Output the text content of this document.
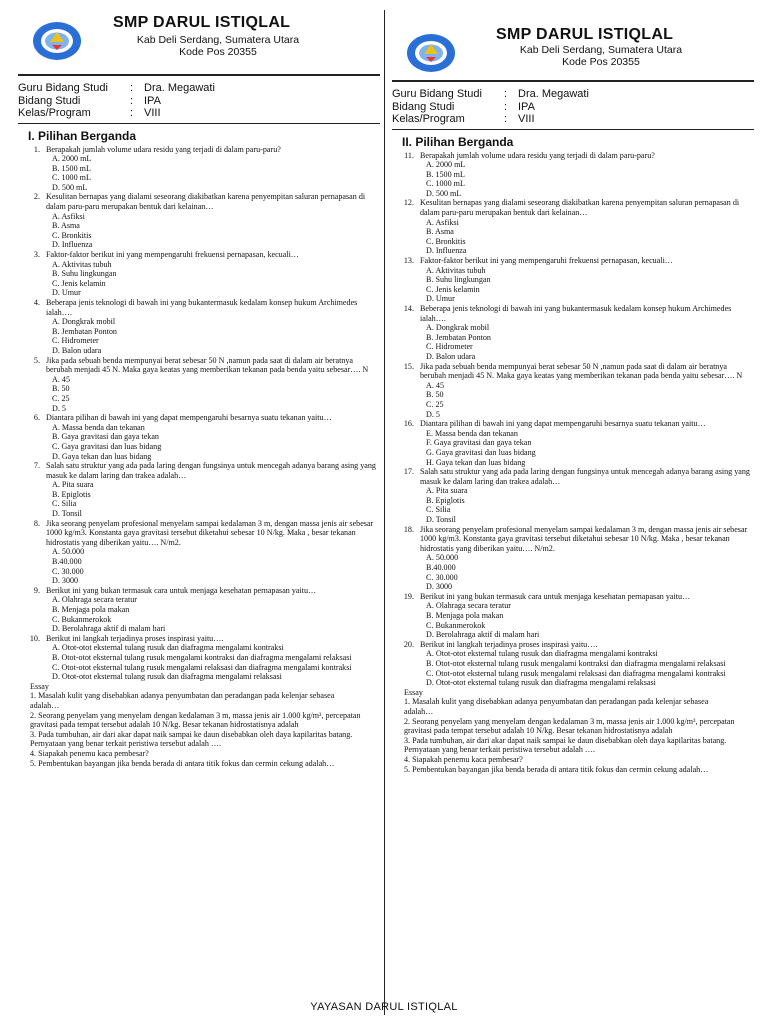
SMP DARUL ISTIQLAL
Kab Deli Serdang, Sumatera Utara
Kode Pos 20355
Guru Bidang Studi	: Dra. Megawati
Bidang Studi	: IPA
Kelas/Program	: VIII
I. Pilihan Berganda
1. Berapakah jumlah volume udara residu yang terjadi di dalam paru-paru?
A. 2000 mL
B. 1500 mL
C. 1000 mL
D. 500 mL
2. Kesulitan bernapas yang dialami seseorang diakibatkan karena penyempitan saluran pernapasan di dalam paru-paru merupakan bentuk dari kelainan…
A. Asfiksi
B. Asma
C. Bronkitis
D. Influenza
3. Faktor-faktor berikut ini yang mempengaruhi frekuensi pernapasan, kecuali…
A. Aktivitas tubuh
B. Suhu lingkungan
C. Jenis kelamin
D. Umur
4. Beberapa jenis teknologi di bawah ini yang bukantermasuk kedalam konsep hukum Archimedes ialah….
A. Dongkrak mobil
B. Jembatan Ponton
C. Hidrometer
D. Balon udara
5. Jika pada sebuah benda mempunyai berat sebesar 50 N ,namun pada saat di dalam air beratnya berubah menjadi 45 N. Maka gaya keatas yang memberikan tekanan pada benda yaitu sebesar…. N
A. 45
B. 50
C. 25
D. 5
6. Diantara pilihan di bawah ini yang dapat mempengaruhi besarnya suatu tekanan yaitu…
A. Massa benda dan tekanan
B. Gaya gravitasi dan gaya tekan
C. Gaya gravitasi dan luas bidang
D. Gaya tekan dan luas bidang
7. Salah satu struktur yang ada pada laring dengan fungsinya untuk mencegah adanya barang asing yang masuk ke dalam laring dan trakea adalah…
A. Pita suara
B. Epiglotis
C. Silia
D. Tonsil
8. Jika seorang penyelam profesional menyelam sampai kedalaman 3 m, dengan massa jenis air sebesar 1000 kg/m3. Konstanta gaya gravitasi tersebut diketahui sebesar 10 N/kg. Maka , besar tekanan hidrostatis yang diberikan yaitu…. N/m2.
A. 50.000
B.40.000
C. 30.000
D. 3000
9. Berikut ini yang bukan termasuk cara untuk menjaga kesehatan pernapasan yaitu…
A. Olahraga secara teratur
B. Menjaga pola makan
C. Bukanmerokok
D. Berolahraga aktif di malam hari
10. Berikut ini langkah terjadinya proses inspirasi yaitu….
A. Otot-otot eksternal tulang rusuk dan diafragma mengalami kontraksi
B. Otot-otot eksternal tulang rusuk mengalami kontraksi dan diafragma mengalami relaksasi
C. Otot-otot eksternal tulang rusuk mengalami relaksasi dan diafragma mengalami kontraksi
D. Otot-otot eksternal tulang rusuk dan diafragma mengalami relaksasi
Essay
1. Masalah kulit yang disebabkan adanya penyumbatan dan peradangan pada kelenjar sebasea adalah…
2. Seorang penyelam yang menyelam dengan kedalaman 3 m, massa jenis air 1.000 kg/m³, percepatan gravitasi pada tempat tersebut adalah 10 N/kg. Besar tekanan hidrostatisnya adalah
3. Pada tumbuhan, air dari akar dapat naik sampai ke daun disebabkan oleh daya kapilaritas batang. Pernyataan yang benar terkait peristiwa tersebut adalah ….
4. Siapakah penemu kaca pembesar?
5. Pembentukan bayangan jika benda berada di antara titik fokus dan cermin cekung adalah…
SMP DARUL ISTIQLAL
Kab Deli Serdang, Sumatera Utara
Kode Pos 20355
Guru Bidang Studi	: Dra. Megawati
Bidang Studi	: IPA
Kelas/Program	: VIII
II. Pilihan Berganda
11. Berapakah jumlah volume udara residu yang terjadi di dalam paru-paru?
A. 2000 mL
B. 1500 mL
C. 1000 mL
D. 500 mL
12. Kesulitan bernapas yang dialami seseorang diakibatkan karena penyempitan saluran pernapasan di dalam paru-paru merupakan bentuk dari kelainan…
A. Asfiksi
B. Asma
C. Bronkitis
D. Influenza
13. Faktor-faktor berikut ini yang mempengaruhi frekuensi pernapasan, kecuali…
A. Aktivitas tubuh
B. Suhu lingkungan
C. Jenis kelamin
D. Umur
14. Beberapa jenis teknologi di bawah ini yang bukantermasuk kedalam konsep hukum Archimedes ialah….
A. Dongkrak mobil
B. Jembatan Ponton
C. Hidrometer
D. Balon udara
15. Jika pada sebuah benda mempunyai berat sebesar 50 N ,namun pada saat di dalam air beratnya berubah menjadi 45 N. Maka gaya keatas yang memberikan tekanan pada benda yaitu sebesar…. N
A. 45
B. 50
C. 25
D. 5
16. Diantara pilihan di bawah ini yang dapat mempengaruhi besarnya suatu tekanan yaitu…
E. Massa benda dan tekanan
F. Gaya gravitasi dan gaya tekan
G. Gaya gravitasi dan luas bidang
H. Gaya tekan dan luas bidang
17. Salah satu struktur yang ada pada laring dengan fungsinya untuk mencegah adanya barang asing yang masuk ke dalam laring dan trakea adalah…
A. Pita suara
B. Epiglotis
C. Silia
D. Tonsil
18. Jika seorang penyelam profesional menyelam sampai kedalaman 3 m, dengan massa jenis air sebesar 1000 kg/m3. Konstanta gaya gravitasi tersebut diketahui sebesar 10 N/kg. Maka , besar tekanan hidrostatis yang diberikan yaitu…. N/m2.
A. 50.000
B.40.000
C. 30.000
D. 3000
19. Berikut ini yang bukan termasuk cara untuk menjaga kesehatan pernapasan yaitu…
A. Olahraga secara teratur
B. Menjaga pola makan
C. Bukanmerokok
D. Berolahraga aktif di malam hari
20. Berikut ini langkah terjadinya proses inspirasi yaitu….
A. Otot-otot eksternal tulang rusuk dan diafragma mengalami kontraksi
B. Otot-otot eksternal tulang rusuk mengalami kontraksi dan diafragma mengalami relaksasi
C. Otot-otot eksternal tulang rusuk mengalami relaksasi dan diafragma mengalami kontraksi
D. Otot-otot eksternal tulang rusuk dan diafragma mengalami relaksasi
Essay
1. Masalah kulit yang disebabkan adanya penyumbatan dan peradangan pada kelenjar sebasea adalah…
2. Seorang penyelam yang menyelam dengan kedalaman 3 m, massa jenis air 1.000 kg/m³, percepatan gravitasi pada tempat tersebut adalah 10 N/kg. Besar tekanan hidrostatisnya adalah
3. Pada tumbuhan, air dari akar dapat naik sampai ke daun disebabkan oleh daya kapilaritas batang. Pernyataan yang benar terkait peristiwa tersebut adalah ….
4. Siapakah penemu kaca pembesar?
5. Pembentukan bayangan jika benda berada di antara titik fokus dan cermin cekung adalah…
YAYASAN DARUL ISTIQLAL
